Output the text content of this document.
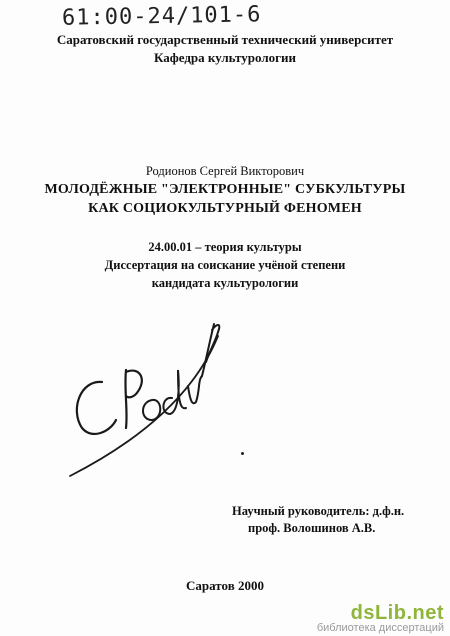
61:00-24/101-6
Саратовский государственный технический университет
Кафедра культурологии
Родионов Сергей Викторович
МОЛОДЁЖНЫЕ "ЭЛЕКТРОННЫЕ" СУБКУЛЬТУРЫ
КАК СОЦИОКУЛЬТУРНЫЙ ФЕНОМЕН
24.00.01 – теория культуры
Диссертация на соискание учёной степени
кандидата культурологии
Научный руководитель: д.ф.н.
проф. Волошинов А.В.
Саратов 2000
dsLib.net
библиотека диссертаций
